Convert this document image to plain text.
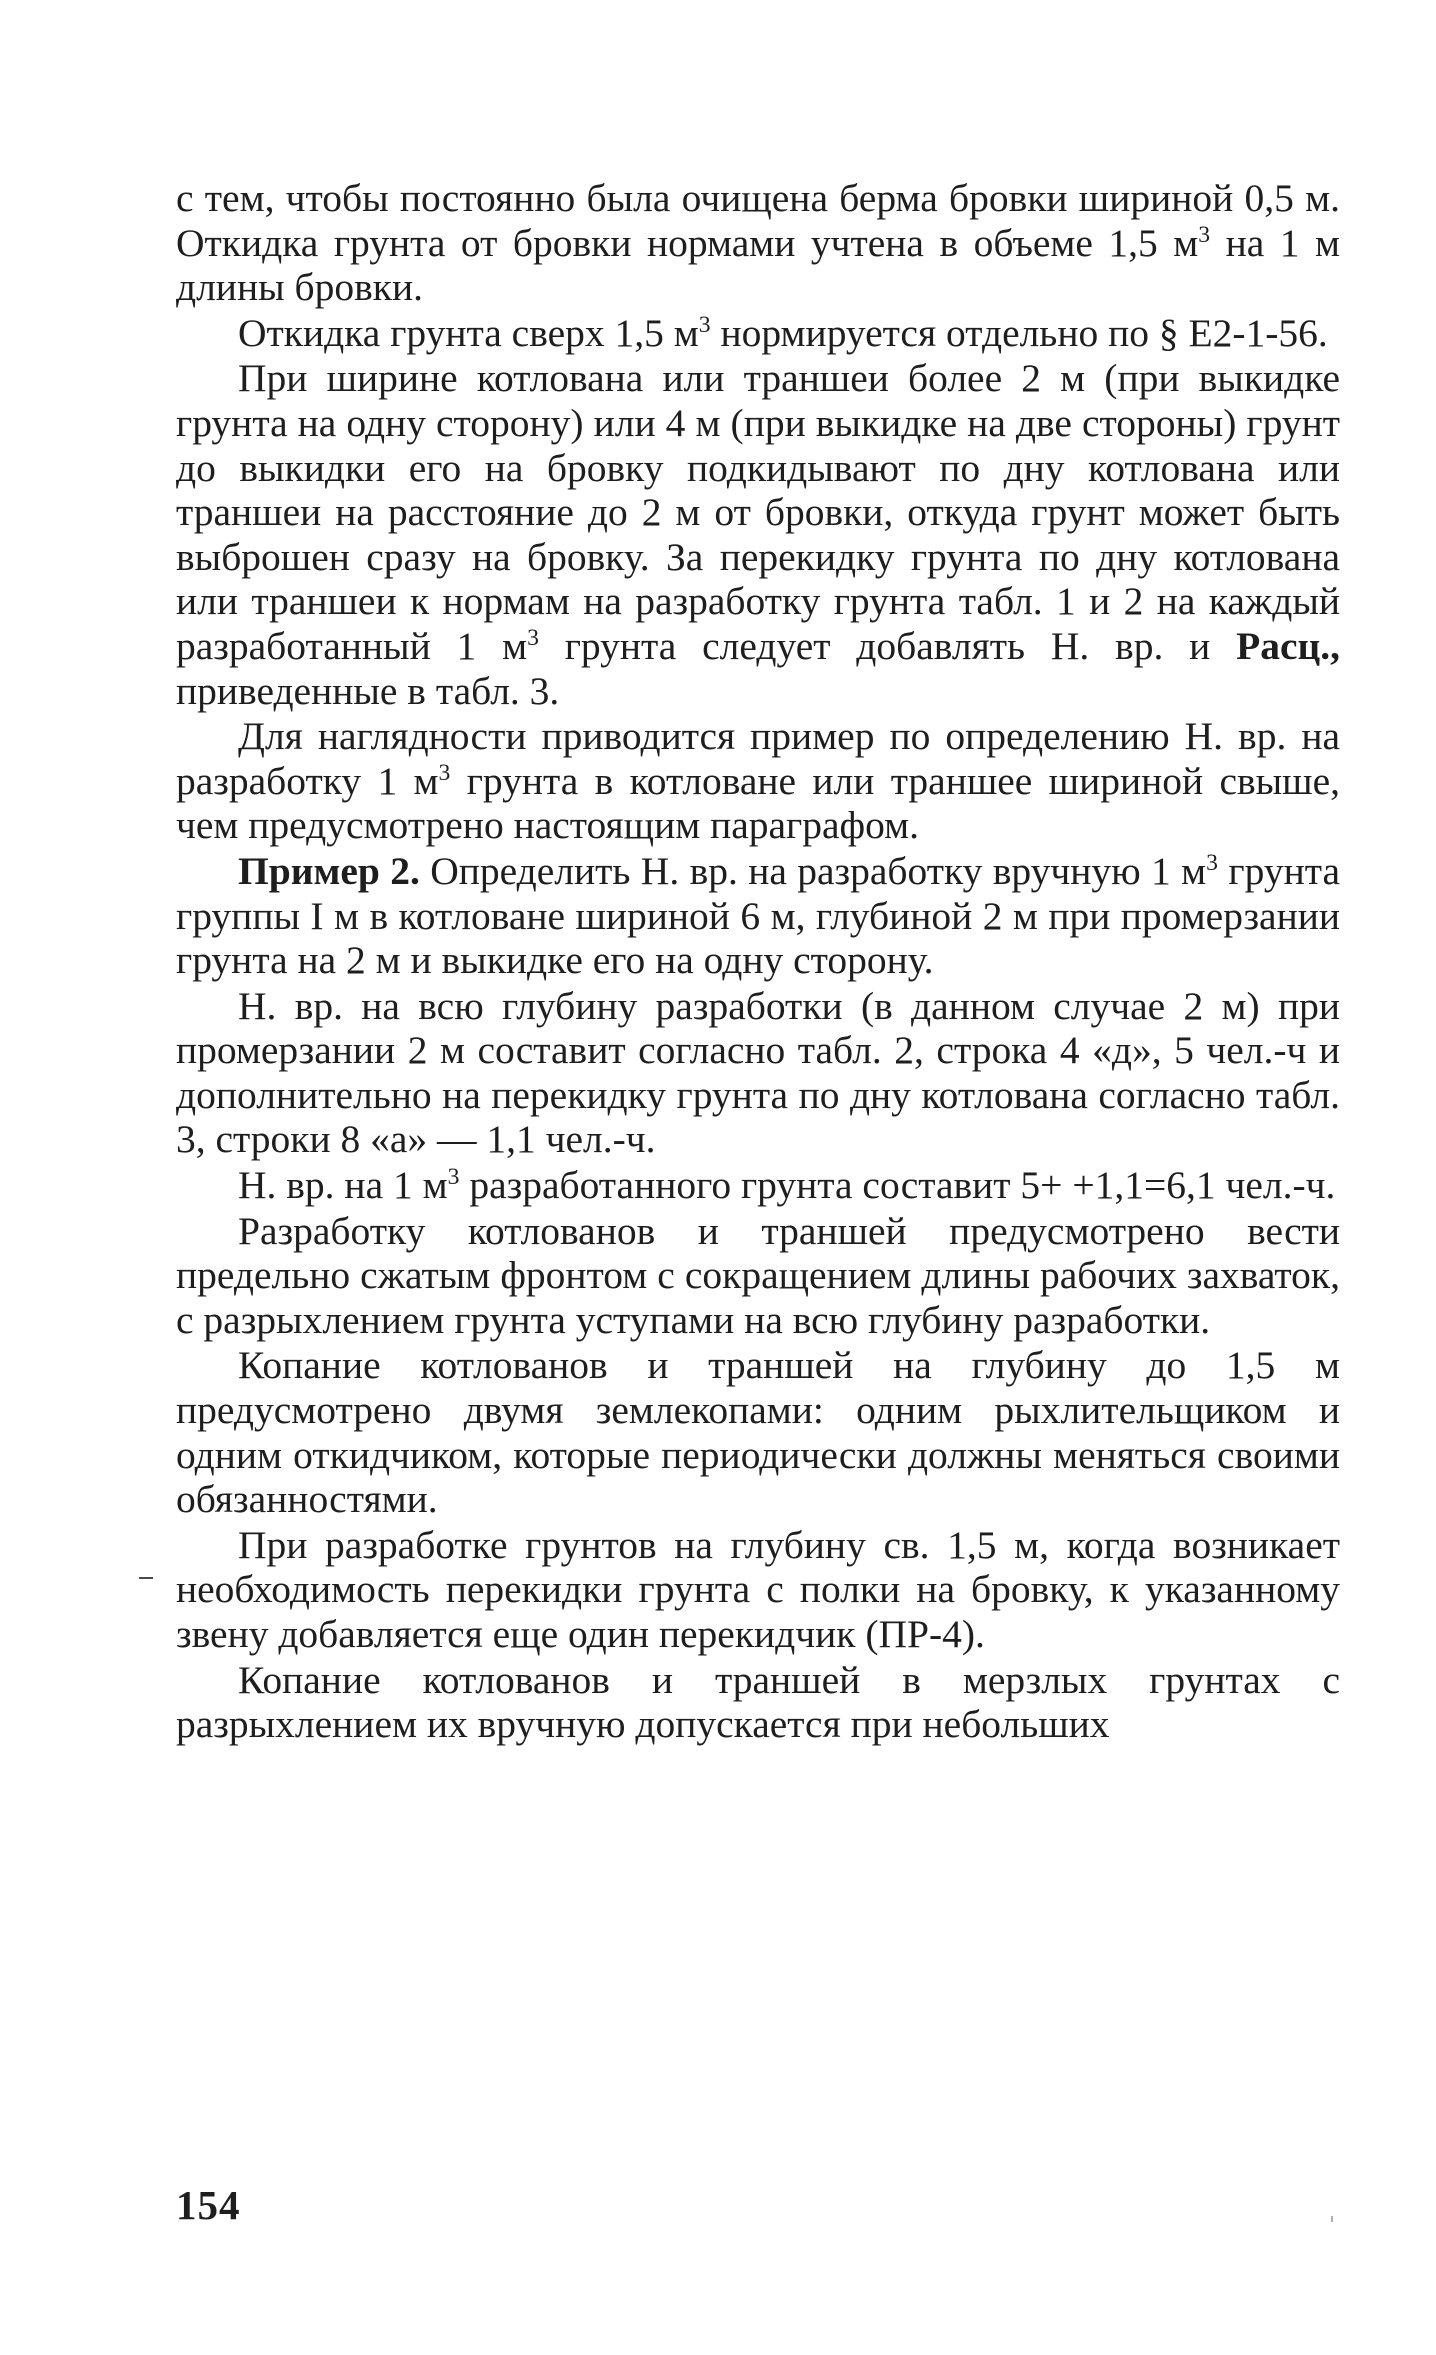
с тем, чтобы постоянно была очищена берма бровки шириной 0,5 м. Откидка грунта от бровки нормами учтена в объеме 1,5 $м^3$ на 1 м длины бровки.

Откидка грунта сверх 1,5 $м^3$ нормируется отдельно по § Е2-1-56.

При ширине котлована или траншеи более 2 м (при выкидке грунта на одну сторону) или 4 м (при выкидке на две стороны) грунт до выкидки его на бровку подкидывают по дну котлована или траншеи на расстояние до 2 м от бровки, откуда грунт может быть выброшен сразу на бровку. За перекидку грунта по дну котлована или траншеи к нормам на разработку грунта табл. 1 и 2 на каждый разработанный 1 $м^3$ грунта следует добавлять Н. вр. и Расц., приведенные в табл. 3.

Для наглядности приводится пример по определению Н. вр. на разработку 1 $м^3$ грунта в котловане или траншее шириной свыше, чем предусмотрено настоящим параграфом.

Пример 2. Определить Н. вр. на разработку вручную 1 $м^3$ грунта группы I м в котловане шириной 6 м, глубиной 2 м при промерзании грунта на 2 м и выкидке его на одну сторону.

Н. вр. на всю глубину разработки (в данном случае 2 м) при промерзании 2 м составит согласно табл. 2, строка 4 «д», 5 чел.-ч и дополнительно на перекидку грунта по дну котлована согласно табл. 3, строки 8 «а» — 1,1 чел.-ч.

Н. вр. на 1 $м^3$ разработанного грунта составит 5+ +1,1=6,1 чел.-ч.

Разработку котлованов и траншей предусмотрено вести предельно сжатым фронтом с сокращением длины рабочих захваток, с разрыхлением грунта уступами на всю глубину разработки.

Копание котлованов и траншей на глубину до 1,5 м предусмотрено двумя землекопами: одним рыхлительщиком и одним откидчиком, которые периодически должны меняться своими обязанностями.

При разработке грунтов на глубину св. 1,5 м, когда возникает необходимость перекидки грунта с полки на бровку, к указанному звену добавляется еще один перекидчик (ПР-4).

Копание котлованов и траншей в мерзлых грунтах с разрыхлением их вручную допускается при небольших

154
